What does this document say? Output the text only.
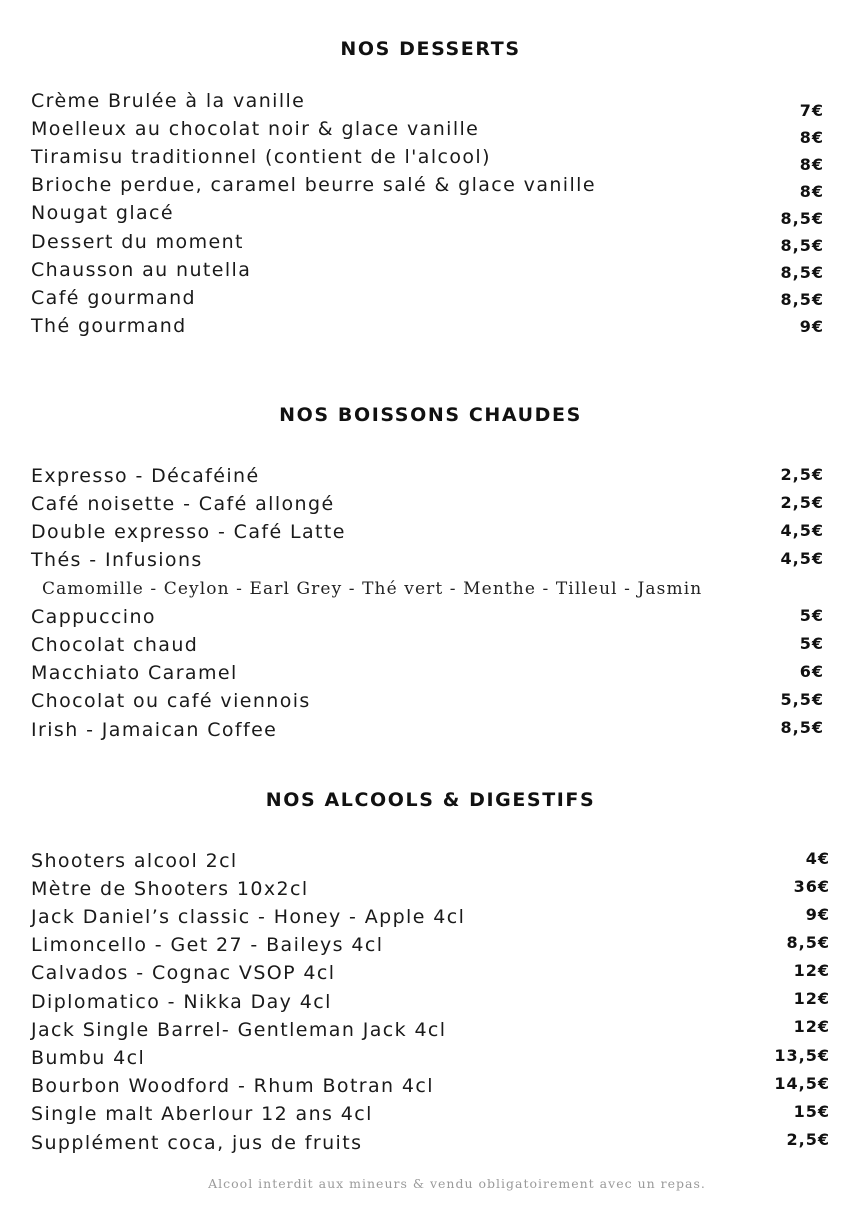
NOS DESSERTS
Crème Brulée à la vanille	7€
Moelleux au chocolat noir & glace vanille	8€
Tiramisu traditionnel (contient de l'alcool)	8€
Brioche perdue, caramel beurre salé & glace vanille	8€
Nougat glacé	8,5€
Dessert du moment	8,5€
Chausson au nutella	8,5€
Café gourmand	8,5€
Thé gourmand	9€
NOS BOISSONS CHAUDES
Expresso - Décaféiné	2,5€
Café noisette - Café allongé	2,5€
Double expresso - Café Latte	4,5€
Thés - Infusions	4,5€
Camomille - Ceylon - Earl Grey - Thé vert - Menthe - Tilleul - Jasmin
Cappuccino	5€
Chocolat chaud	5€
Macchiato Caramel	6€
Chocolat ou café viennois	5,5€
Irish - Jamaican Coffee	8,5€
NOS ALCOOLS & DIGESTIFS
Shooters alcool 2cl	4€
Mètre de Shooters 10x2cl	36€
Jack Daniel’s classic - Honey - Apple 4cl	9€
Limoncello - Get 27 - Baileys 4cl	8,5€
Calvados - Cognac VSOP 4cl	12€
Diplomatico - Nikka Day 4cl	12€
Jack Single Barrel- Gentleman Jack 4cl	12€
Bumbu 4cl	13,5€
Bourbon Woodford - Rhum Botran 4cl	14,5€
Single malt Aberlour 12 ans 4cl	15€
Supplément coca, jus de fruits	2,5€
Alcool interdit aux mineurs & vendu obligatoirement avec un repas.
